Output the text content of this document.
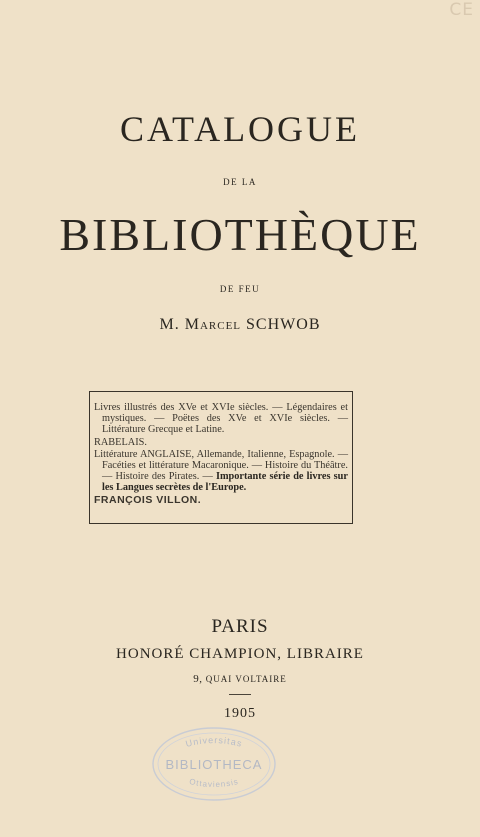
CE
CATALOGUE
DE LA
BIBLIOTHÈQUE
DE FEU
M. Marcel SCHWOB

Livres illustrés des XVe et XVIe siècles. — Légendaires et mystiques. — Poëtes des XVe et XVIe siècles. — Littérature Grecque et Latine.

RABELAIS.

Littérature ANGLAISE, Allemande, Italienne, Espagnole. — Facéties et littérature Macaronique. — Histoire du Théâtre. — Histoire des Pirates. — Importante série de livres sur les Langues secrètes de l'Europe.

FRANÇOIS VILLON.

PARIS
HONORÉ CHAMPION, LIBRAIRE
9, QUAI VOLTAIRE
1905
Universitas
BIBLIOTHECA
Ottaviensis
